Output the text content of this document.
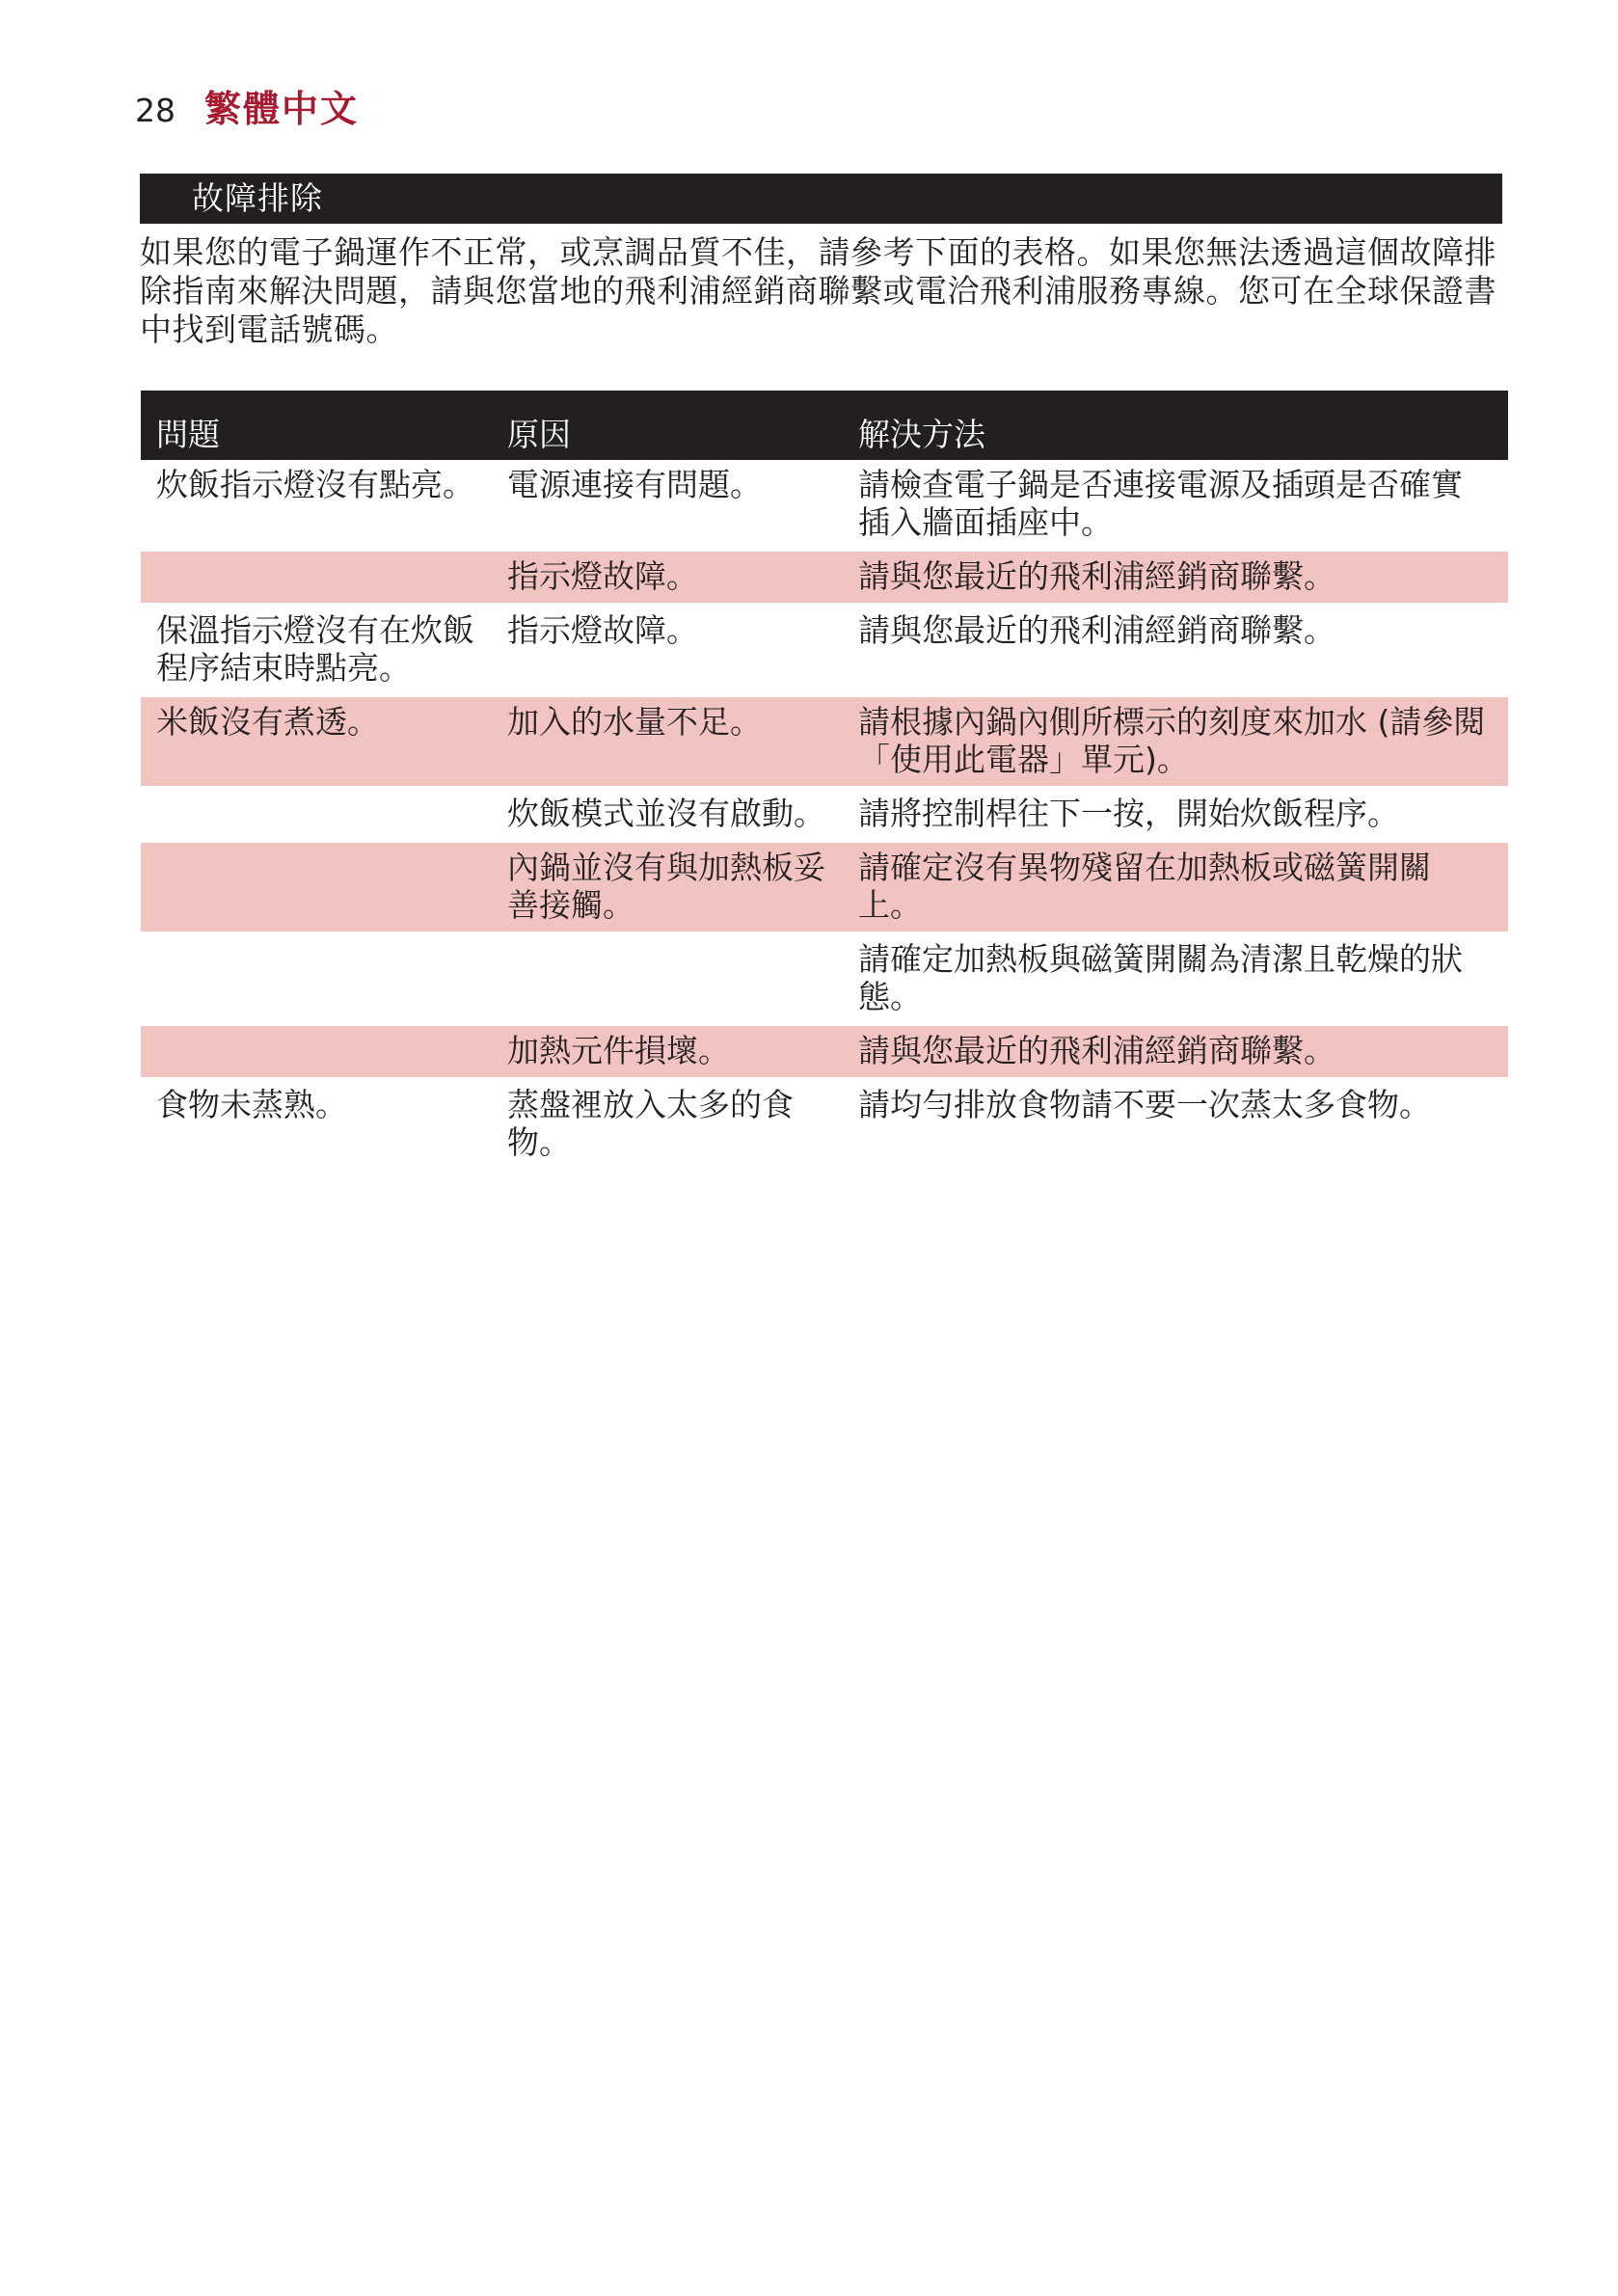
28 繁體中文
故障排除

如果您的電子鍋運作不正常，或烹調品質不佳，請參考下面的表格。如果您無法透過這個故障排除指南來解決問題，請與您當地的飛利浦經銷商聯繫或電洽飛利浦服務專線。您可在全球保證書中找到電話號碼。

問題	原因	解決方法
炊飯指示燈沒有點亮。	電源連接有問題。	請檢查電子鍋是否連接電源及插頭是否確實插入牆面插座中。
	指示燈故障。	請與您最近的飛利浦經銷商聯繫。
保溫指示燈沒有在炊飯程序結束時點亮。	指示燈故障。	請與您最近的飛利浦經銷商聯繫。
米飯沒有煮透。	加入的水量不足。	請根據內鍋內側所標示的刻度來加水 (請參閱「使用此電器」單元)。
	炊飯模式並沒有啟動。	請將控制桿往下一按，開始炊飯程序。
	內鍋並沒有與加熱板妥善接觸。	請確定沒有異物殘留在加熱板或磁簧開關上。
		請確定加熱板與磁簧開關為清潔且乾燥的狀態。
	加熱元件損壞。	請與您最近的飛利浦經銷商聯繫。
食物未蒸熟。	蒸盤裡放入太多的食物。	請均勻排放食物請不要一次蒸太多食物。
